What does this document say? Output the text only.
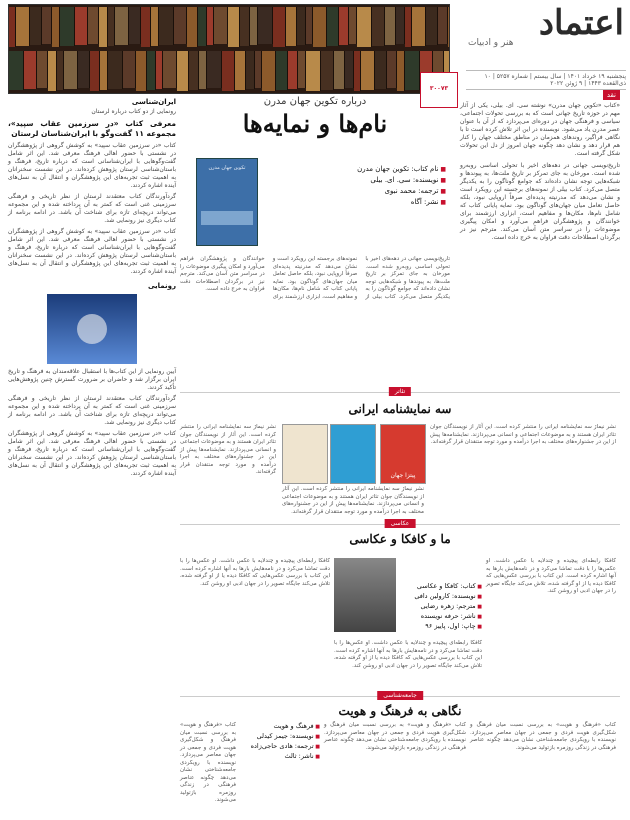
اعتماد
هنر و ادبیات
پنجشنبه ۱۹ خرداد ۱۴۰۱ | سال بیستم | شماره ۵۲۵۷ | ۱۰ ذی‌القعده ۱۴۴۳ | ۹ ژوئن ۲۰۲۲
۳۰۰۷۳
نقد
«کتاب «تکوین جهان مدرن» نوشته سی. ای. بیلی، یکی از آثار مهم در حوزه تاریخ جهانی است که به بررسی تحولات اجتماعی، سیاسی و فرهنگی جهان در دوره‌ای می‌پردازد که از آن با عنوان عصر مدرن یاد می‌شود. نویسنده در این اثر تلاش کرده است تا با نگاهی فراگیر، روندهای همزمان در مناطق مختلف جهان را کنار هم قرار دهد و نشان دهد چگونه جهان امروز از دل این تحولات شکل گرفته است.
تاریخ‌نویسی جهانی در دهه‌های اخیر با تحولی اساسی روبه‌رو شده است. مورخان به جای تمرکز بر تاریخ ملت‌ها، به پیوندها و شبکه‌هایی توجه نشان داده‌اند که جوامع گوناگون را به یکدیگر متصل می‌کرد. کتاب بیلی از نمونه‌های برجسته این رویکرد است و نشان می‌دهد که مدرنیته پدیده‌ای صرفاً اروپایی نبود، بلکه حاصل تعامل میان جهان‌های گوناگون بود. نمایه پایانی کتاب که شامل نام‌ها، مکان‌ها و مفاهیم است، ابزاری ارزشمند برای خوانندگان و پژوهشگران فراهم می‌آورد و امکان پیگیری موضوعات را در سراسر متن آسان می‌کند. مترجم نیز در برگردان اصطلاحات دقت فراوان به خرج داده است.
درباره تکوین جهان مدرن
نام‌ها و نمایه‌ها
تکوین جهان مدرن
■	نام کتاب: تکوین جهان مدرن
■ نویسنده: سی. ای. بیلی
■ ترجمه: محمد نبوی
■ نشر: آگاه
تاریخ‌نویسی جهانی در دهه‌های اخیر با تحولی اساسی روبه‌رو شده است. مورخان به جای تمرکز بر تاریخ ملت‌ها، به پیوندها و شبکه‌هایی توجه نشان داده‌اند که جوامع گوناگون را به یکدیگر متصل می‌کرد. کتاب بیلی از نمونه‌های برجسته این رویکرد است و نشان می‌دهد که مدرنیته پدیده‌ای صرفاً اروپایی نبود، بلکه حاصل تعامل میان جهان‌های گوناگون بود. نمایه پایانی کتاب که شامل نام‌ها، مکان‌ها و مفاهیم است، ابزاری ارزشمند برای خوانندگان و پژوهشگران فراهم می‌آورد و امکان پیگیری موضوعات را در سراسر متن آسان می‌کند. مترجم نیز در برگردان اصطلاحات دقت فراوان به خرج داده است.
ایران‌شناسی
رونمایی از دو کتاب درباره لرستان
معرفی کتاب «در سرزمین عقاب سپید»، مجموعه ۱۱ گفت‌وگو با ایران‌شناسان لرستان
کتاب «در سرزمین عقاب سپید» به کوشش گروهی از پژوهشگران در نشستی با حضور اهالی فرهنگ معرفی شد. این اثر شامل گفت‌وگوهایی با ایران‌شناسانی است که درباره تاریخ، فرهنگ و باستان‌شناسی لرستان پژوهش کرده‌اند. در این نشست سخنرانان به اهمیت ثبت تجربه‌های این پژوهشگران و انتقال آن به نسل‌های آینده اشاره کردند.
گردآورندگان کتاب معتقدند لرستان از نظر تاریخی و فرهنگی سرزمینی غنی است که کمتر به آن پرداخته شده و این مجموعه می‌تواند دریچه‌ای تازه برای شناخت آن باشد. در ادامه برنامه از کتاب دیگری نیز رونمایی شد.
کتاب «در سرزمین عقاب سپید» به کوشش گروهی از پژوهشگران در نشستی با حضور اهالی فرهنگ معرفی شد. این اثر شامل گفت‌وگوهایی با ایران‌شناسانی است که درباره تاریخ، فرهنگ و باستان‌شناسی لرستان پژوهش کرده‌اند. در این نشست سخنرانان به اهمیت ثبت تجربه‌های این پژوهشگران و انتقال آن به نسل‌های آینده اشاره کردند.
رونمایی
آیین رونمایی از این کتاب‌ها با استقبال علاقه‌مندان به فرهنگ و تاریخ ایران برگزار شد و حاضران بر ضرورت گسترش چنین پژوهش‌هایی تأکید کردند.
گردآورندگان کتاب معتقدند لرستان از نظر تاریخی و فرهنگی سرزمینی غنی است که کمتر به آن پرداخته شده و این مجموعه می‌تواند دریچه‌ای تازه برای شناخت آن باشد. در ادامه برنامه از کتاب دیگری نیز رونمایی شد.
کتاب «در سرزمین عقاب سپید» به کوشش گروهی از پژوهشگران در نشستی با حضور اهالی فرهنگ معرفی شد. این اثر شامل گفت‌وگوهایی با ایران‌شناسانی است که درباره تاریخ، فرهنگ و باستان‌شناسی لرستان پژوهش کرده‌اند. در این نشست سخنرانان به اهمیت ثبت تجربه‌های این پژوهشگران و انتقال آن به نسل‌های آینده اشاره کردند.
تئاتر
سه نمایشنامه ایرانی
پیتزا جهان
نشر نیماژ سه نمایشنامه ایرانی را منتشر کرده است. این آثار از نویسندگان جوان تئاتر ایران هستند و به موضوعات اجتماعی و انسانی می‌پردازند. نمایشنامه‌ها پیش از این در جشنواره‌های مختلف به اجرا درآمده و مورد توجه منتقدان قرار گرفته‌اند.
نشر نیماژ سه نمایشنامه ایرانی را منتشر کرده است. این آثار از نویسندگان جوان تئاتر ایران هستند و به موضوعات اجتماعی و انسانی می‌پردازند. نمایشنامه‌ها پیش از این در جشنواره‌های مختلف به اجرا درآمده و مورد توجه منتقدان قرار گرفته‌اند.
نشر نیماژ سه نمایشنامه ایرانی را منتشر کرده است. این آثار از نویسندگان جوان تئاتر ایران هستند و به موضوعات اجتماعی و انسانی می‌پردازند. نمایشنامه‌ها پیش از این در جشنواره‌های مختلف به اجرا درآمده و مورد توجه منتقدان قرار گرفته‌اند.
عکاسی
ما و کافکا و عکاسی
■ کتاب: کافکا و عکاسی
■ نویسنده: کارولین دافی
■ مترجم: زهره رضایی
■ ناشر: حرفه نویسنده
■ چاپ: اول، پاییز ۹۶
کافکا رابطه‌ای پیچیده و چندلایه با عکس داشت. او عکس‌ها را با دقت تماشا می‌کرد و در نامه‌هایش بارها به آنها اشاره کرده است. این کتاب با بررسی عکس‌هایی که کافکا دیده یا از او گرفته شده، تلاش می‌کند جایگاه تصویر را در جهان ادبی او روشن کند.
کافکا رابطه‌ای پیچیده و چندلایه با عکس داشت. او عکس‌ها را با دقت تماشا می‌کرد و در نامه‌هایش بارها به آنها اشاره کرده است. این کتاب با بررسی عکس‌هایی که کافکا دیده یا از او گرفته شده، تلاش می‌کند جایگاه تصویر را در جهان ادبی او روشن کند.
کافکا رابطه‌ای پیچیده و چندلایه با عکس داشت. او عکس‌ها را با دقت تماشا می‌کرد و در نامه‌هایش بارها به آنها اشاره کرده است. این کتاب با بررسی عکس‌هایی که کافکا دیده یا از او گرفته شده، تلاش می‌کند جایگاه تصویر را در جهان ادبی او روشن کند.
جامعه‌شناسی
نگاهی به فرهنگ و هویت
■ فرهنگ و هویت
■ نویسنده: جیمز کیدلی
■ ترجمه: هادی حاجی‌زاده
■ ناشر: ثالث
کتاب «فرهنگ و هویت» به بررسی نسبت میان فرهنگ و شکل‌گیری هویت فردی و جمعی در جهان معاصر می‌پردازد. نویسنده با رویکردی جامعه‌شناختی نشان می‌دهد چگونه عناصر فرهنگی در زندگی روزمره بازتولید می‌شوند.
کتاب «فرهنگ و هویت» به بررسی نسبت میان فرهنگ و شکل‌گیری هویت فردی و جمعی در جهان معاصر می‌پردازد. نویسنده با رویکردی جامعه‌شناختی نشان می‌دهد چگونه عناصر فرهنگی در زندگی روزمره بازتولید می‌شوند.
کتاب «فرهنگ و هویت» به بررسی نسبت میان فرهنگ و شکل‌گیری هویت فردی و جمعی در جهان معاصر می‌پردازد. نویسنده با رویکردی جامعه‌شناختی نشان می‌دهد چگونه عناصر فرهنگی در زندگی روزمره بازتولید می‌شوند.
